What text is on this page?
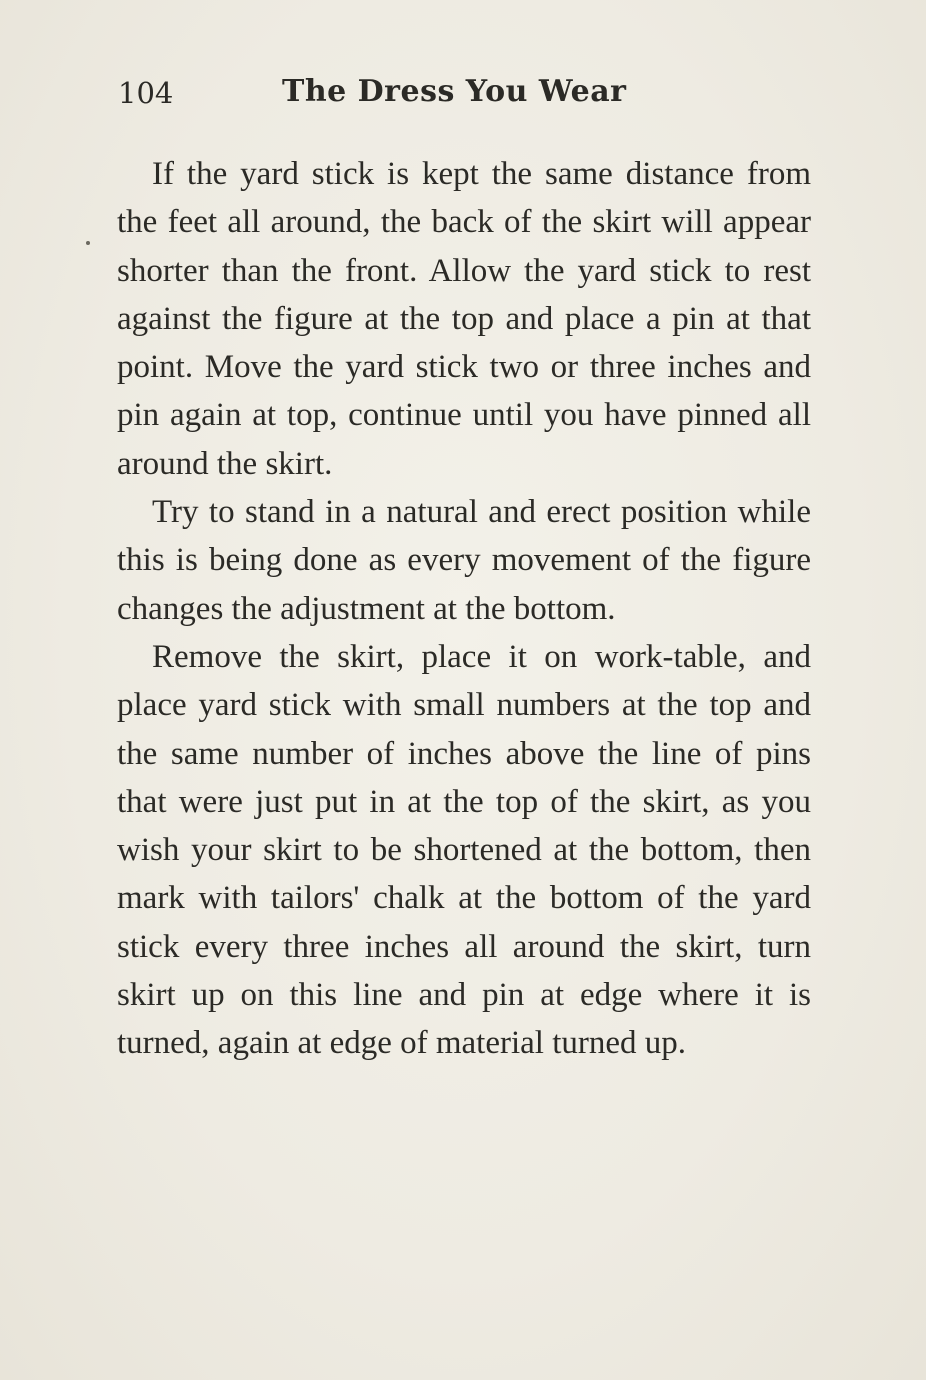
104	The Dress You Wear

If the yard stick is kept the same distance from the feet all around, the back of the skirt will appear shorter than the front. Allow the yard stick to rest against the figure at the top and place a pin at that point. Move the yard stick two or three inches and pin again at top, continue until you have pinned all around the skirt.

Try to stand in a natural and erect position while this is being done as every movement of the figure changes the adjustment at the bottom.

Remove the skirt, place it on work-table, and place yard stick with small numbers at the top and the same number of inches above the line of pins that were just put in at the top of the skirt, as you wish your skirt to be shortened at the bottom, then mark with tailors' chalk at the bottom of the yard stick every three inches all around the skirt, turn skirt up on this line and pin at edge where it is turned, again at edge of material turned up.
